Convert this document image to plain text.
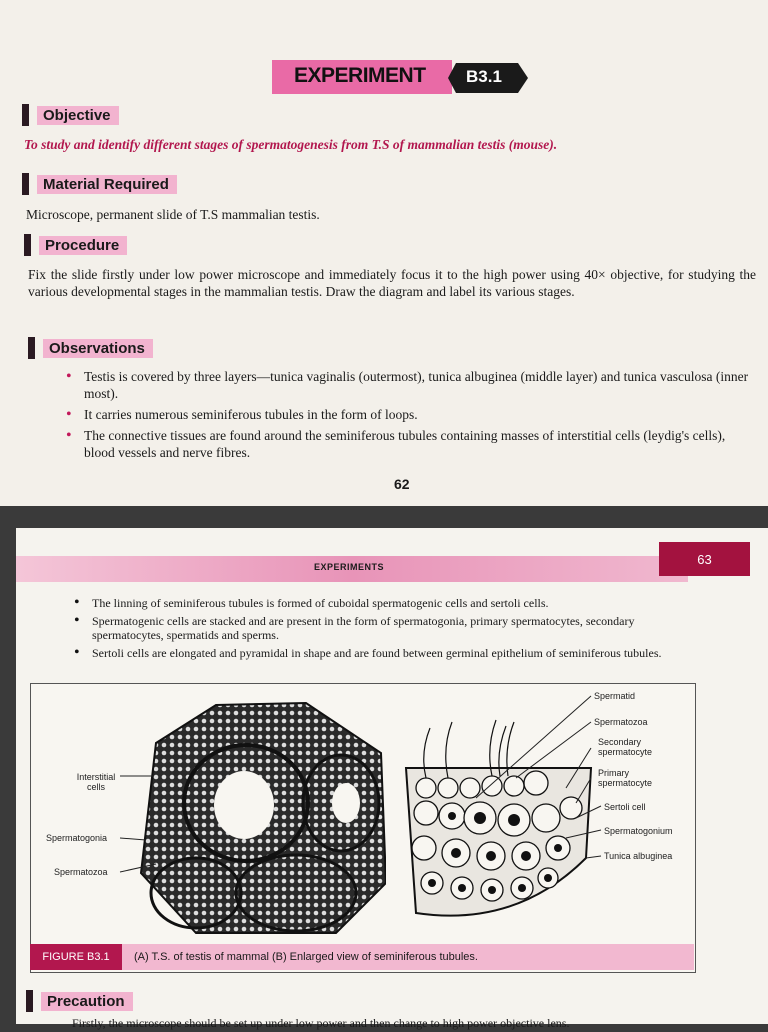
EXPERIMENT B3.1
Objective
To study and identify different stages of spermatogenesis from T.S of mammalian testis (mouse).
Material Required
Microscope, permanent slide of T.S mammalian testis.
Procedure
Fix the slide firstly under low power microscope and immediately focus it to the high power using 40× objective, for studying the various developmental stages in the mammalian testis. Draw the diagram and label its various stages.
Observations
• Testis is covered by three layers—tunica vaginalis (outermost), tunica albuginea (middle layer) and tunica vasculosa (inner most).
• It carries numerous seminiferous tubules in the form of loops.
• The connective tissues are found around the seminiferous tubules containing masses of interstitial cells (leydig's cells), blood vessels and nerve fibres.
62
EXPERIMENTS
63
• The linning of seminiferous tubules is formed of cuboidal spermatogenic cells and sertoli cells.
• Spermatogenic cells are stacked and are present in the form of spermatogonia, primary spermatocytes, secondary spermatocytes, spermatids and sperms.
• Sertoli cells are elongated and pyramidal in shape and are found between germinal epithelium of seminiferous tubules.
Interstitial cells
Spermatogonia
Spermatozoa
Spermatid
Spermatozoa
Secondary spermatocyte
Primary spermatocyte
Sertoli cell
Spermatogonium
Tunica albuginea
FIGURE B3.1	(A) T.S. of testis of mammal (B) Enlarged view of seminiferous tubules.
Precaution
Firstly, the microscope should be set up under low power and then change to high power objective lens.
